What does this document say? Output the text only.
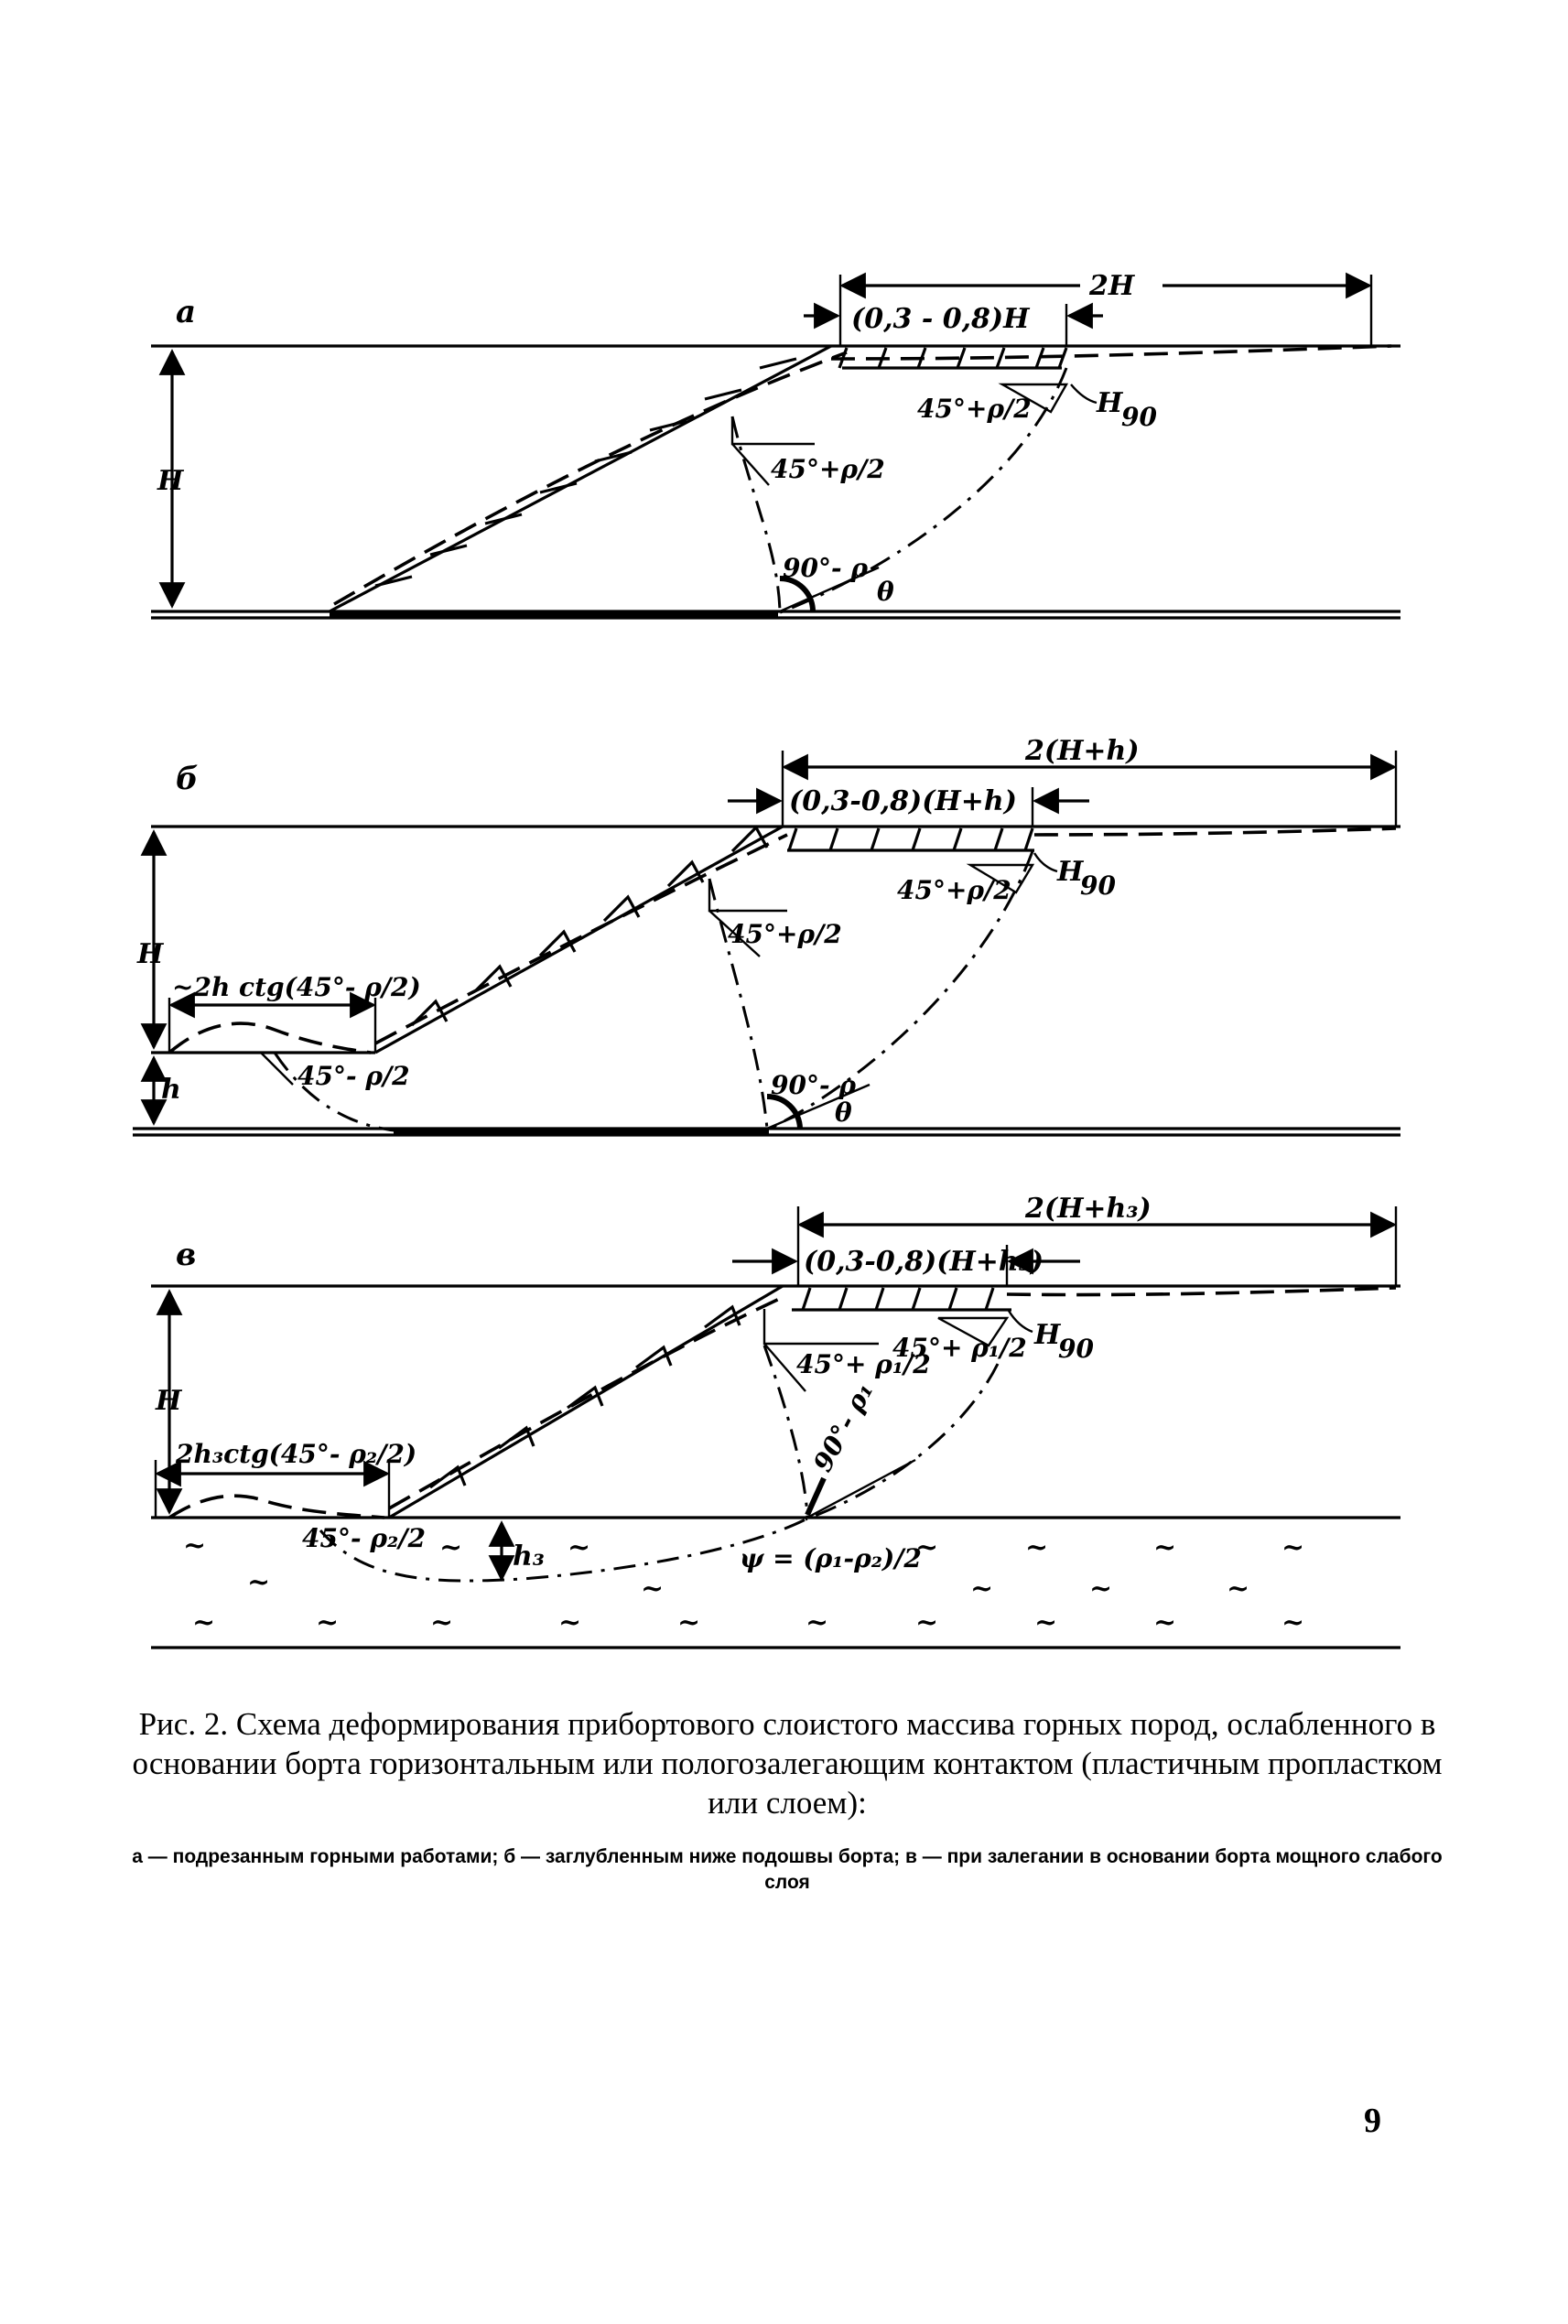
а
H
2H
(0,3 - 0,8)H
45°+ρ/2
45°+ρ/2 H
90
90°- ρ
θ
б
45°- ρ/2
~2h ctg(45°- ρ/2)
H
h
2(H+h)
(0,3-0,8)(H+h)
45°+ρ/2
45°+ρ/2
H
90
90°- ρ
θ
в
45°- ρ₂/2
2h₃ctg(45°- ρ₂/2)
H
h₃
2(H+h₃)
(0,3-0,8)(H+h₃)
45°+ ρ₁/2
45°+ ρ₁/2 H
90
90°- ρ₁
ψ = (ρ₁-ρ₂)/2
~
~
~	~
~
~	~	~	~
~	~	~
~	~	~	~	~	~	~	~	~	~
Рис. 2. Схема деформирования прибортового слоистого массива горных пород, ослабленного в основании борта горизонтальным или пологозалегающим контактом (пластичным пропластком или слоем):
а — подрезанным горными работами; б — заглубленным ниже подошвы борта; в — при залегании в основании борта мощного слабого слоя
9
